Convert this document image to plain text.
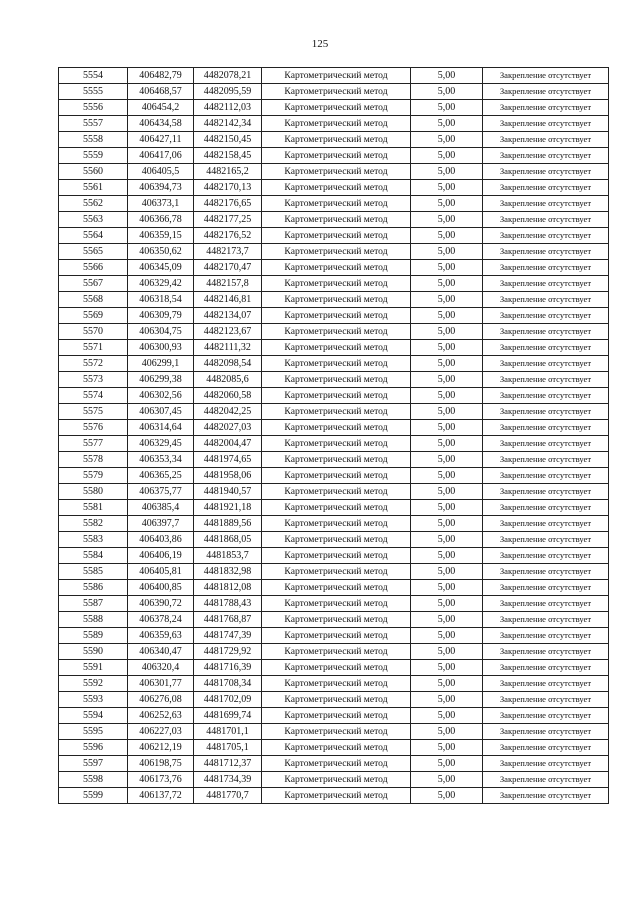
125
5554	406482,79	4482078,21	Картометрический метод	5,00	Закрепление отсутствует
5555	406468,57	4482095,59	Картометрический метод	5,00	Закрепление отсутствует
5556	406454,2	4482112,03	Картометрический метод	5,00	Закрепление отсутствует
5557	406434,58	4482142,34	Картометрический метод	5,00	Закрепление отсутствует
5558	406427,11	4482150,45	Картометрический метод	5,00	Закрепление отсутствует
5559	406417,06	4482158,45	Картометрический метод	5,00	Закрепление отсутствует
5560	406405,5	4482165,2	Картометрический метод	5,00	Закрепление отсутствует
5561	406394,73	4482170,13	Картометрический метод	5,00	Закрепление отсутствует
5562	406373,1	4482176,65	Картометрический метод	5,00	Закрепление отсутствует
5563	406366,78	4482177,25	Картометрический метод	5,00	Закрепление отсутствует
5564	406359,15	4482176,52	Картометрический метод	5,00	Закрепление отсутствует
5565	406350,62	4482173,7	Картометрический метод	5,00	Закрепление отсутствует
5566	406345,09	4482170,47	Картометрический метод	5,00	Закрепление отсутствует
5567	406329,42	4482157,8	Картометрический метод	5,00	Закрепление отсутствует
5568	406318,54	4482146,81	Картометрический метод	5,00	Закрепление отсутствует
5569	406309,79	4482134,07	Картометрический метод	5,00	Закрепление отсутствует
5570	406304,75	4482123,67	Картометрический метод	5,00	Закрепление отсутствует
5571	406300,93	4482111,32	Картометрический метод	5,00	Закрепление отсутствует
5572	406299,1	4482098,54	Картометрический метод	5,00	Закрепление отсутствует
5573	406299,38	4482085,6	Картометрический метод	5,00	Закрепление отсутствует
5574	406302,56	4482060,58	Картометрический метод	5,00	Закрепление отсутствует
5575	406307,45	4482042,25	Картометрический метод	5,00	Закрепление отсутствует
5576	406314,64	4482027,03	Картометрический метод	5,00	Закрепление отсутствует
5577	406329,45	4482004,47	Картометрический метод	5,00	Закрепление отсутствует
5578	406353,34	4481974,65	Картометрический метод	5,00	Закрепление отсутствует
5579	406365,25	4481958,06	Картометрический метод	5,00	Закрепление отсутствует
5580	406375,77	4481940,57	Картометрический метод	5,00	Закрепление отсутствует
5581	406385,4	4481921,18	Картометрический метод	5,00	Закрепление отсутствует
5582	406397,7	4481889,56	Картометрический метод	5,00	Закрепление отсутствует
5583	406403,86	4481868,05	Картометрический метод	5,00	Закрепление отсутствует
5584	406406,19	4481853,7	Картометрический метод	5,00	Закрепление отсутствует
5585	406405,81	4481832,98	Картометрический метод	5,00	Закрепление отсутствует
5586	406400,85	4481812,08	Картометрический метод	5,00	Закрепление отсутствует
5587	406390,72	4481788,43	Картометрический метод	5,00	Закрепление отсутствует
5588	406378,24	4481768,87	Картометрический метод	5,00	Закрепление отсутствует
5589	406359,63	4481747,39	Картометрический метод	5,00	Закрепление отсутствует
5590	406340,47	4481729,92	Картометрический метод	5,00	Закрепление отсутствует
5591	406320,4	4481716,39	Картометрический метод	5,00	Закрепление отсутствует
5592	406301,77	4481708,34	Картометрический метод	5,00	Закрепление отсутствует
5593	406276,08	4481702,09	Картометрический метод	5,00	Закрепление отсутствует
5594	406252,63	4481699,74	Картометрический метод	5,00	Закрепление отсутствует
5595	406227,03	4481701,1	Картометрический метод	5,00	Закрепление отсутствует
5596	406212,19	4481705,1	Картометрический метод	5,00	Закрепление отсутствует
5597	406198,75	4481712,37	Картометрический метод	5,00	Закрепление отсутствует
5598	406173,76	4481734,39	Картометрический метод	5,00	Закрепление отсутствует
5599	406137,72	4481770,7	Картометрический метод	5,00	Закрепление отсутствует
